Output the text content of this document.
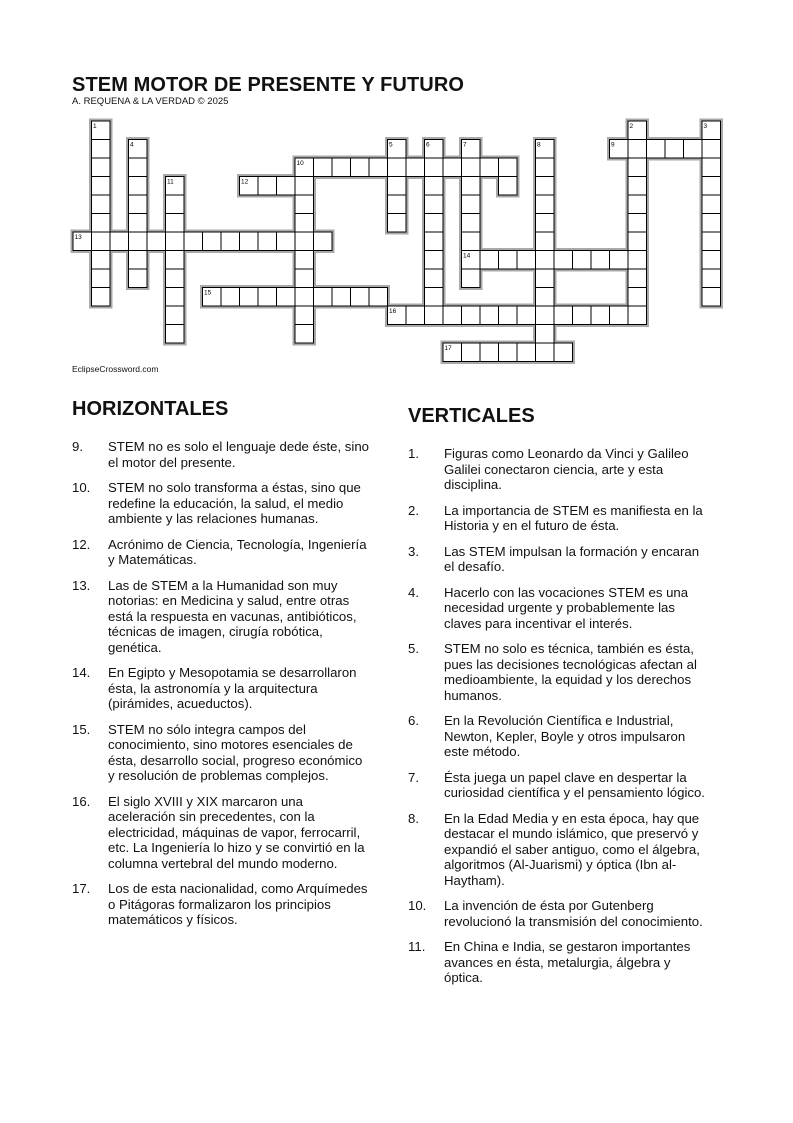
STEM MOTOR DE PRESENTE Y FUTURO
A. REQUENA & LA VERDAD © 2025
1	2	3
4	5	6	7	8	9
10
11	12
13
14
15
16
17
EclipseCrossword.com
HORIZONTALES
9.	STEM no es solo el lenguaje dede éste, sino el motor del presente.
10.	STEM no solo transforma a éstas, sino que redefine la educación, la salud, el medio ambiente y las relaciones humanas.
12.	Acrónimo de Ciencia, Tecnología, Ingeniería y Matemáticas.
13.	Las de STEM a la Humanidad son muy notorias: en Medicina y salud, entre otras está la respuesta en vacunas, antibióticos, técnicas de imagen, cirugía robótica, genética.
14.	En Egipto y Mesopotamia se desarrollaron ésta, la astronomía y la arquitectura (pirámides, acueductos).
15.	STEM no sólo integra campos del conocimiento, sino motores esenciales de ésta, desarrollo social, progreso económico y resolución de problemas complejos.
16.	El siglo XVIII y XIX marcaron una aceleración sin precedentes, con la electricidad, máquinas de vapor, ferrocarril, etc. La Ingeniería lo hizo y se convirtió en la columna vertebral del mundo moderno.
17.	Los de esta nacionalidad, como Arquímedes o Pitágoras formalizaron los principios matemáticos y físicos.
VERTICALES
1.	Figuras como Leonardo da Vinci y Galileo Galilei conectaron ciencia, arte y esta disciplina.
2.	La importancia de STEM es manifiesta en la Historia y en el futuro de ésta.
3.	Las STEM impulsan la formación y encaran el desafío.
4.	Hacerlo con las vocaciones STEM es una necesidad urgente y probablemente las claves para incentivar el interés.
5.	STEM no solo es técnica, también es ésta, pues las decisiones tecnológicas afectan al medioambiente, la equidad y los derechos humanos.
6.	En la Revolución Científica e Industrial, Newton, Kepler, Boyle y otros impulsaron este método.
7.	Ésta juega un papel clave en despertar la curiosidad científica y el pensamiento lógico.
8.	En la Edad Media y en esta época, hay que destacar el mundo islámico, que preservó y expandió el saber antiguo, como el álgebra, algoritmos (Al-Juarismi) y óptica (Ibn al-Haytham).
10.	La invención de ésta por Gutenberg revolucionó la transmisión del conocimiento.
11.	En China e India, se gestaron importantes avances en ésta, metalurgia, álgebra y óptica.
